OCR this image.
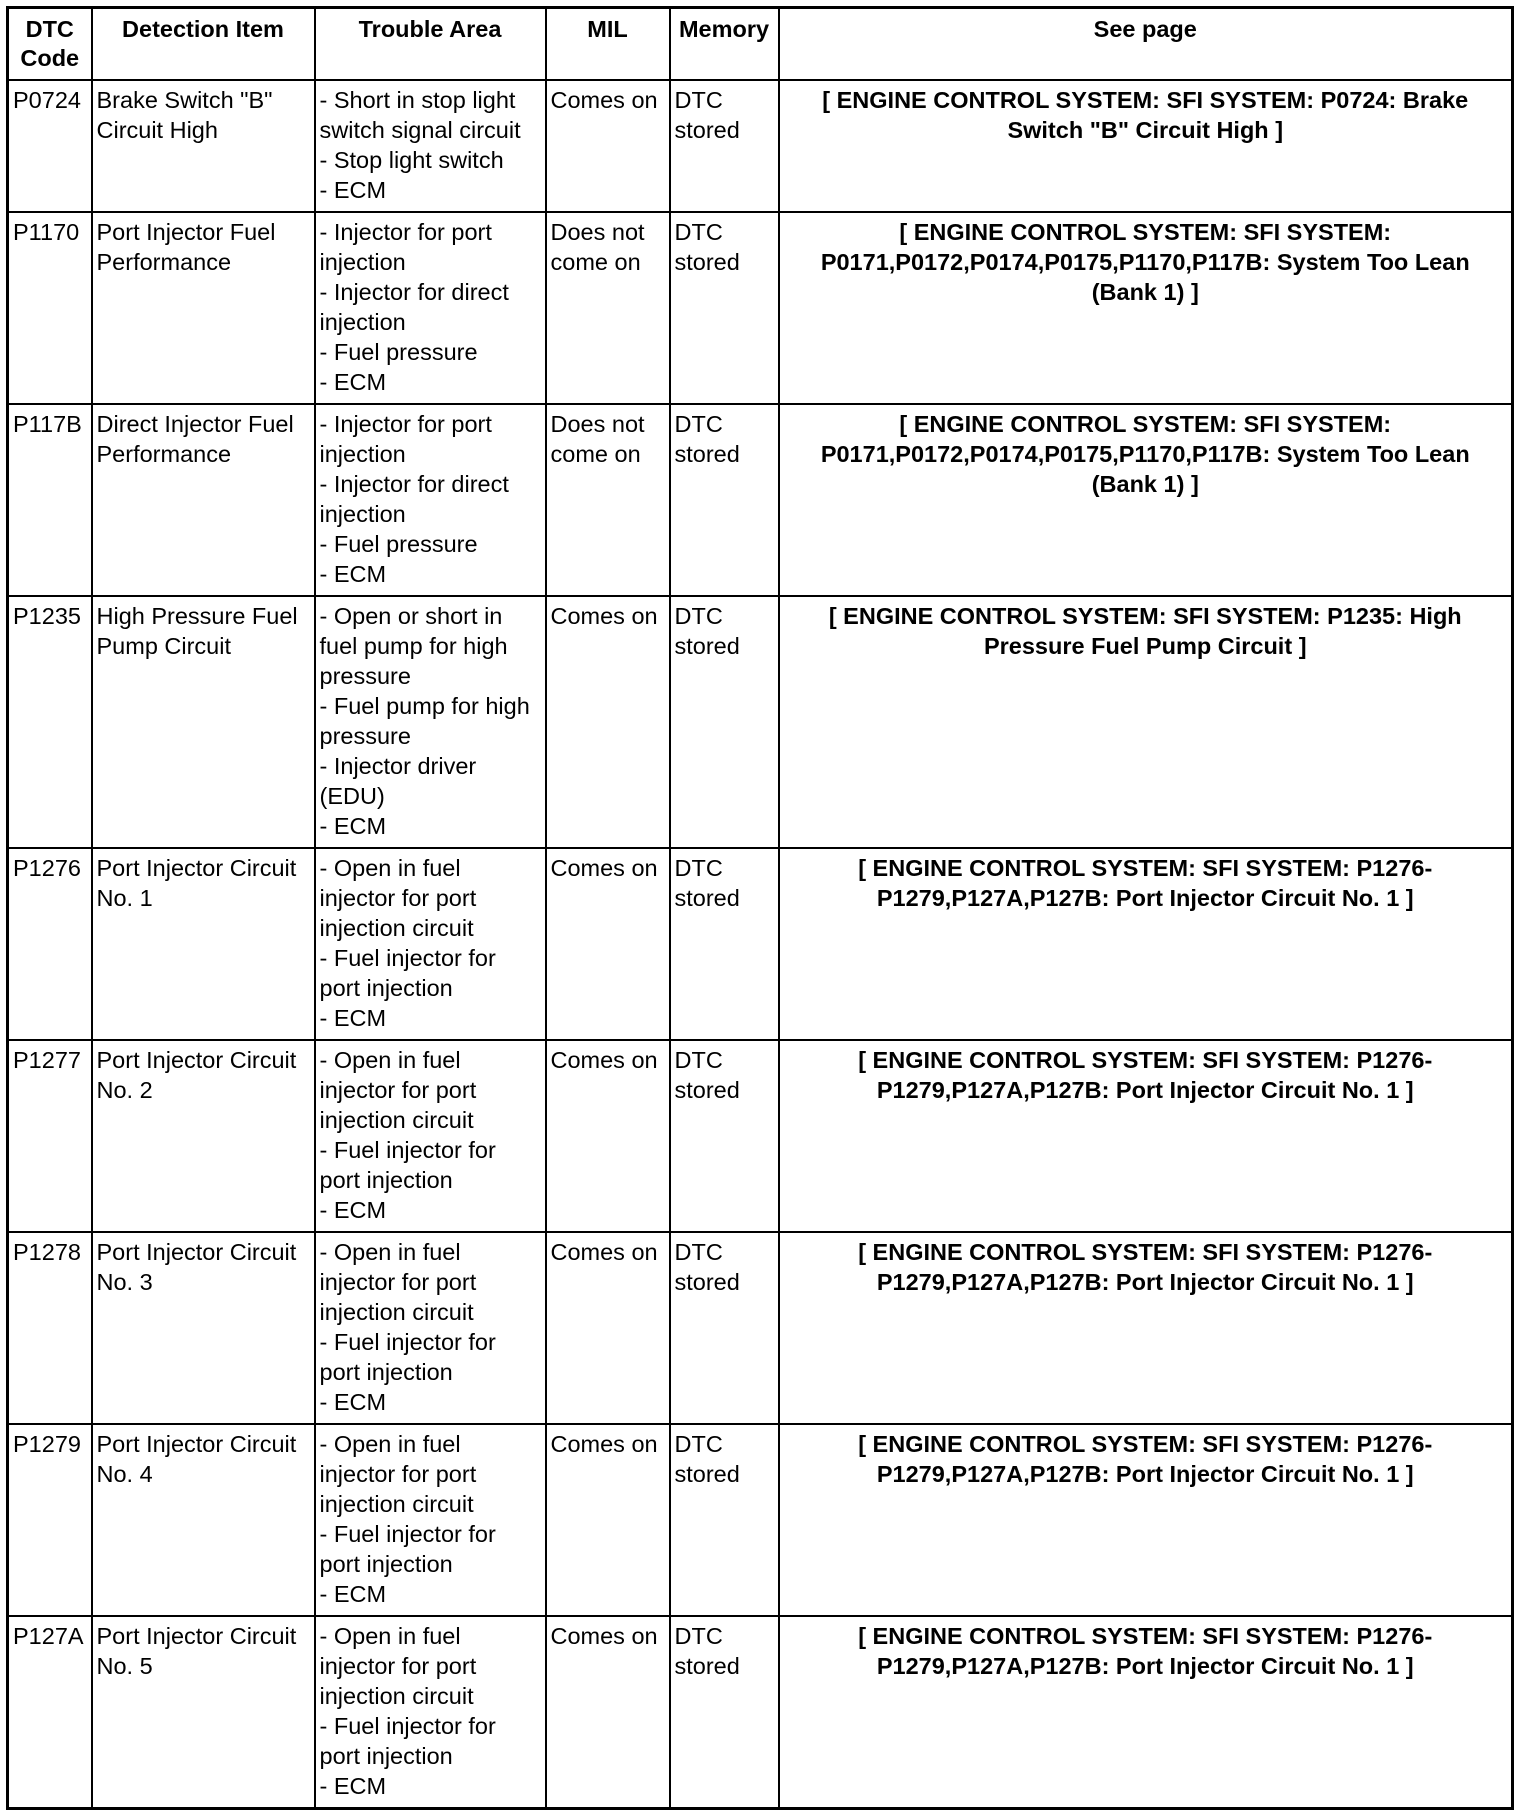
DTC Code	Detection Item	Trouble Area	MIL	Memory	See page
P0724	Brake Switch "B" Circuit High	- Short in stop light switch signal circuit
- Stop light switch
- ECM	Comes on	DTC stored	[ ENGINE CONTROL SYSTEM: SFI SYSTEM: P0724: Brake Switch "B" Circuit High ]
P1170	Port Injector Fuel Performance	- Injector for port injection
- Injector for direct injection
- Fuel pressure
- ECM	Does not come on	DTC stored	[ ENGINE CONTROL SYSTEM: SFI SYSTEM: P0171,P0172,P0174,P0175,P1170,P117B: System Too Lean (Bank 1) ]
P117B	Direct Injector Fuel Performance	- Injector for port injection
- Injector for direct injection
- Fuel pressure
- ECM	Does not come on	DTC stored	[ ENGINE CONTROL SYSTEM: SFI SYSTEM: P0171,P0172,P0174,P0175,P1170,P117B: System Too Lean (Bank 1) ]
P1235	High Pressure Fuel Pump Circuit	- Open or short in fuel pump for high pressure
- Fuel pump for high pressure
- Injector driver (EDU)
- ECM	Comes on	DTC stored	[ ENGINE CONTROL SYSTEM: SFI SYSTEM: P1235: High Pressure Fuel Pump Circuit ]
P1276	Port Injector Circuit No. 1	- Open in fuel injector for port injection circuit
- Fuel injector for port injection
- ECM	Comes on	DTC stored	[ ENGINE CONTROL SYSTEM: SFI SYSTEM: P1276-P1279,P127A,P127B: Port Injector Circuit No. 1 ]
P1277	Port Injector Circuit No. 2	- Open in fuel injector for port injection circuit
- Fuel injector for port injection
- ECM	Comes on	DTC stored	[ ENGINE CONTROL SYSTEM: SFI SYSTEM: P1276-P1279,P127A,P127B: Port Injector Circuit No. 1 ]
P1278	Port Injector Circuit No. 3	- Open in fuel injector for port injection circuit
- Fuel injector for port injection
- ECM	Comes on	DTC stored	[ ENGINE CONTROL SYSTEM: SFI SYSTEM: P1276-P1279,P127A,P127B: Port Injector Circuit No. 1 ]
P1279	Port Injector Circuit No. 4	- Open in fuel injector for port injection circuit
- Fuel injector for port injection
- ECM	Comes on	DTC stored	[ ENGINE CONTROL SYSTEM: SFI SYSTEM: P1276-P1279,P127A,P127B: Port Injector Circuit No. 1 ]
P127A	Port Injector Circuit No. 5	- Open in fuel injector for port injection circuit
- Fuel injector for port injection
- ECM	Comes on	DTC stored	[ ENGINE CONTROL SYSTEM: SFI SYSTEM: P1276-P1279,P127A,P127B: Port Injector Circuit No. 1 ]
